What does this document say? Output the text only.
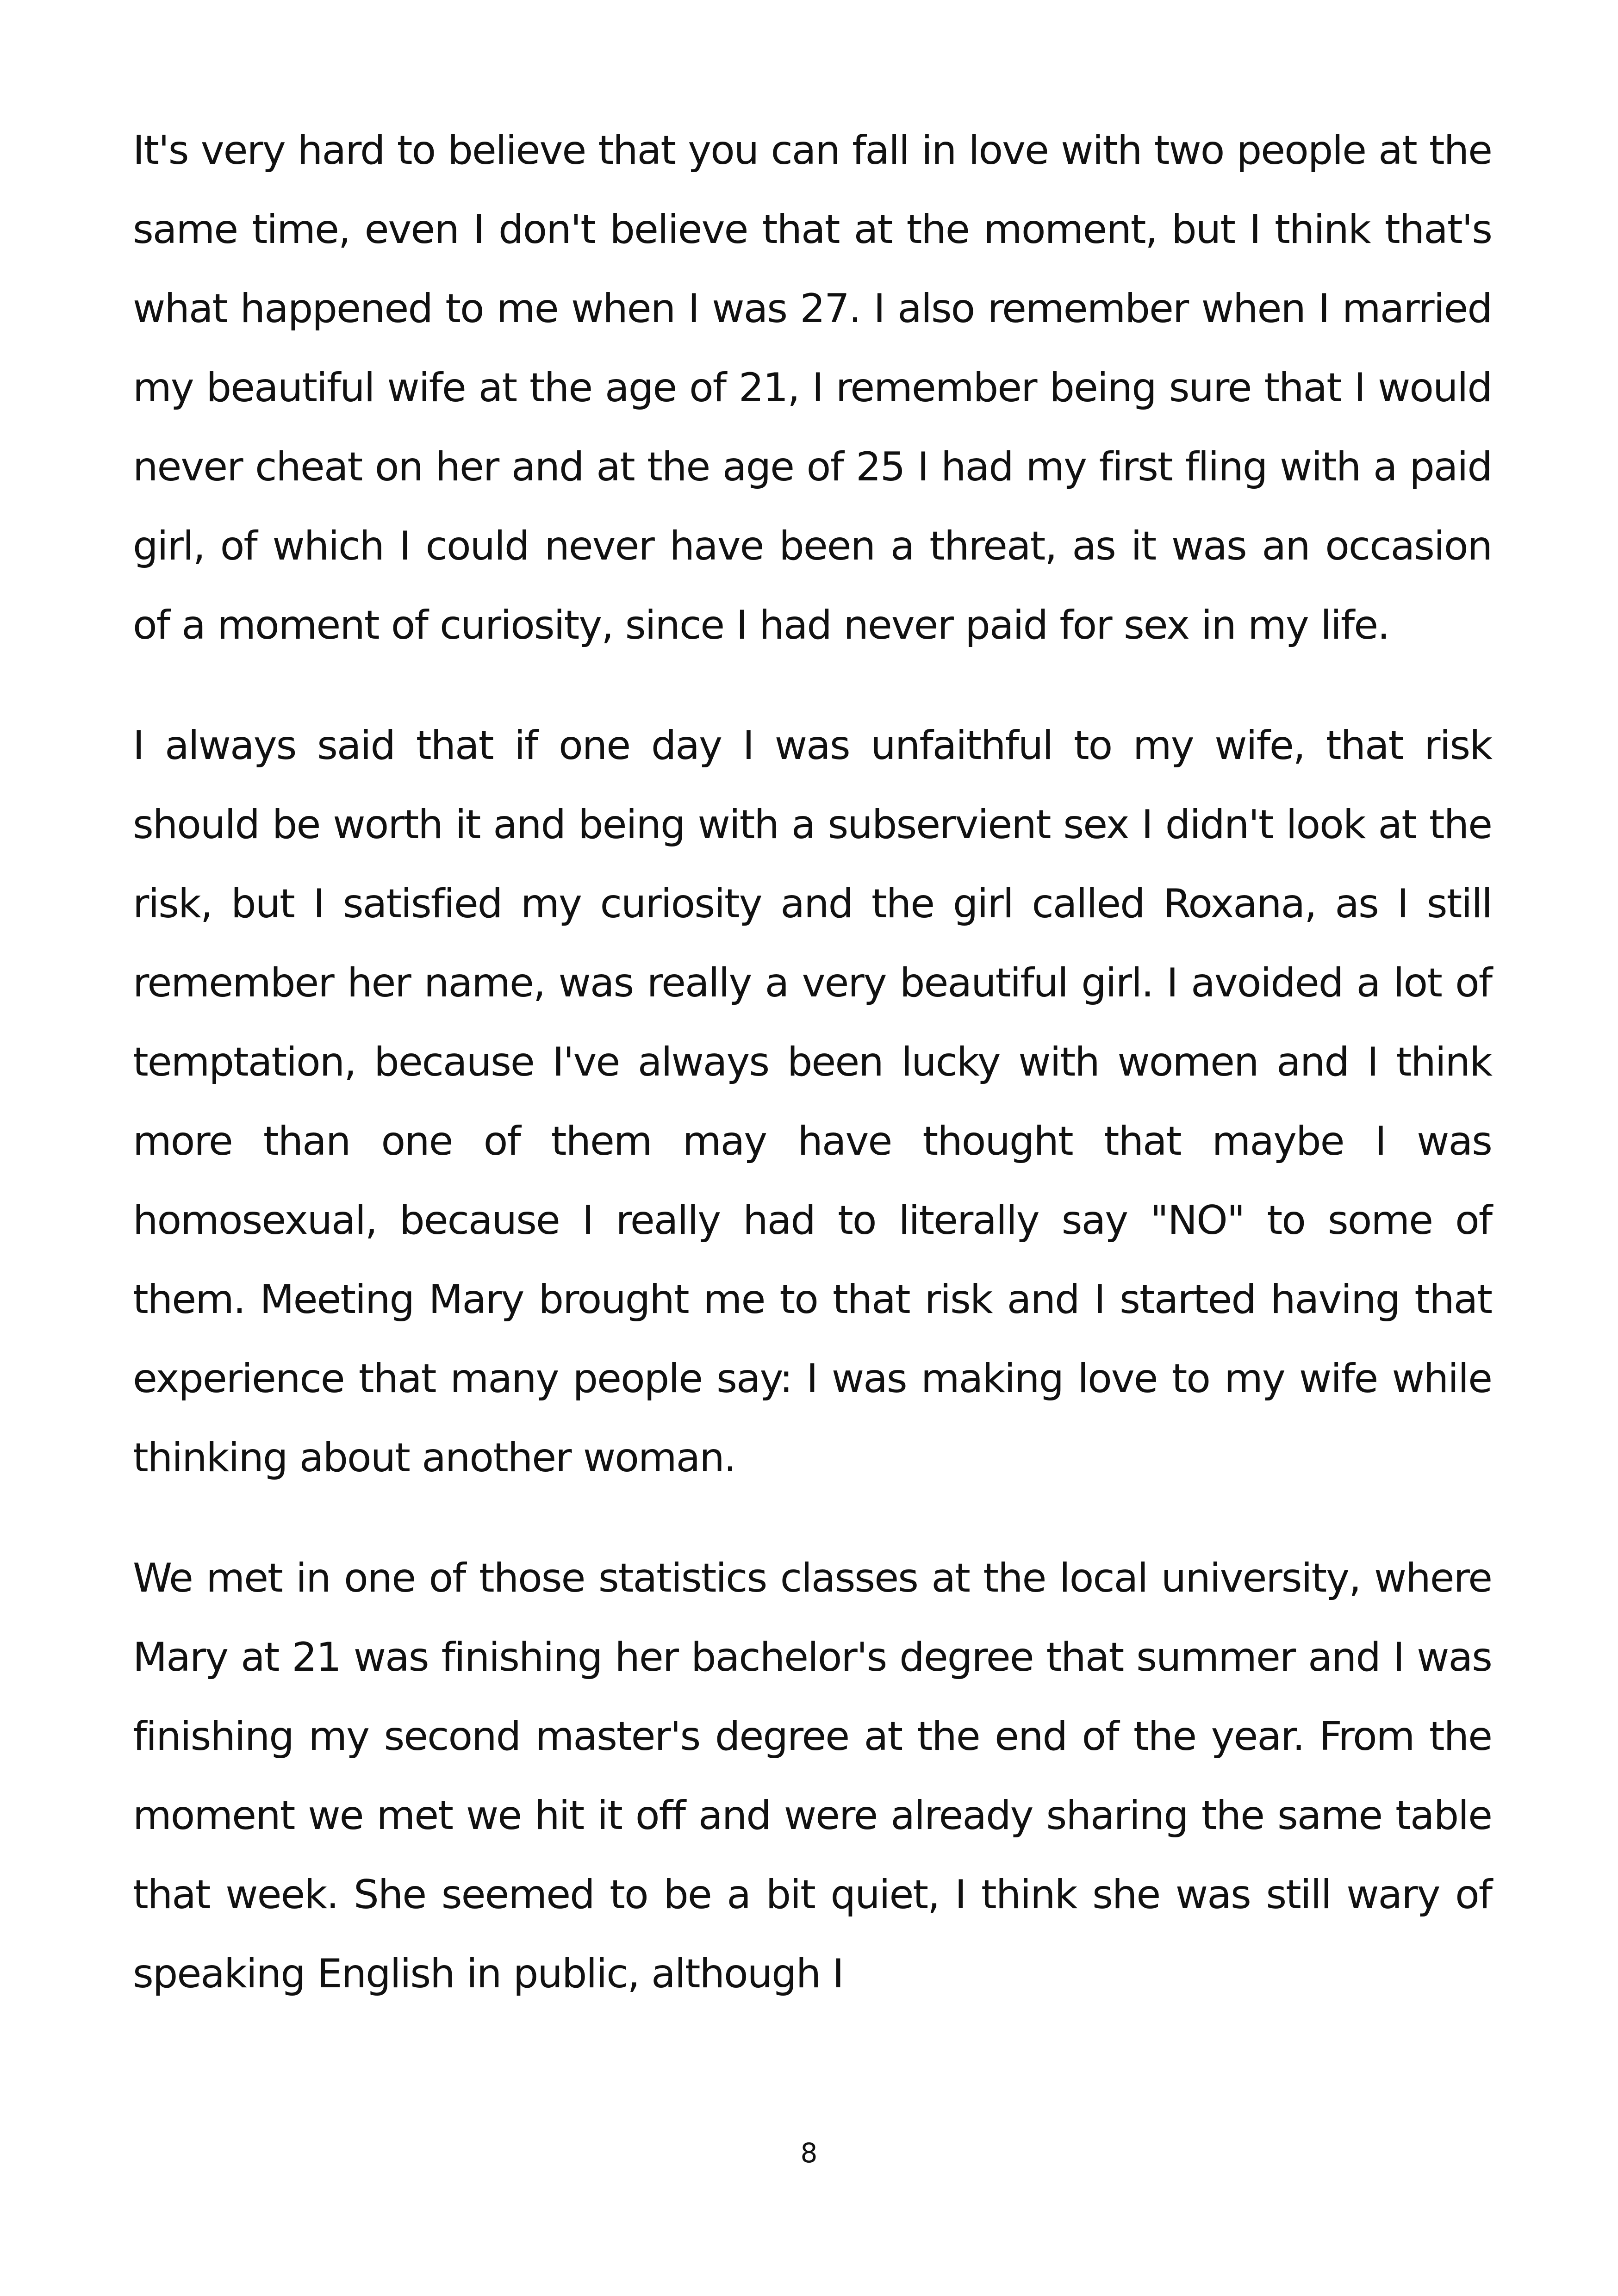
It's very hard to believe that you can fall in love with two people at the same time, even I don't believe that at the moment, but I think that's what happened to me when I was 27. I also remember when I married my beautiful wife at the age of 21, I remember being sure that I would never cheat on her and at the age of 25 I had my first fling with a paid girl, of which I could never have been a threat, as it was an occasion of a moment of curiosity, since I had never paid for sex in my life.

I always said that if one day I was unfaithful to my wife, that risk should be worth it and being with a subservient sex I didn't look at the risk, but I satisfied my curiosity and the girl called Roxana, as I still remember her name, was really a very beautiful girl. I avoided a lot of temptation, because I've always been lucky with women and I think more than one of them may have thought that maybe I was homosexual, because I really had to literally say "NO" to some of them. Meeting Mary brought me to that risk and I started having that experience that many people say: I was making love to my wife while thinking about another woman.

We met in one of those statistics classes at the local university, where Mary at 21 was finishing her bachelor's degree that summer and I was finishing my second master's degree at the end of the year. From the moment we met we hit it off and were already sharing the same table that week. She seemed to be a bit quiet, I think she was still wary of speaking English in public, although I

8
